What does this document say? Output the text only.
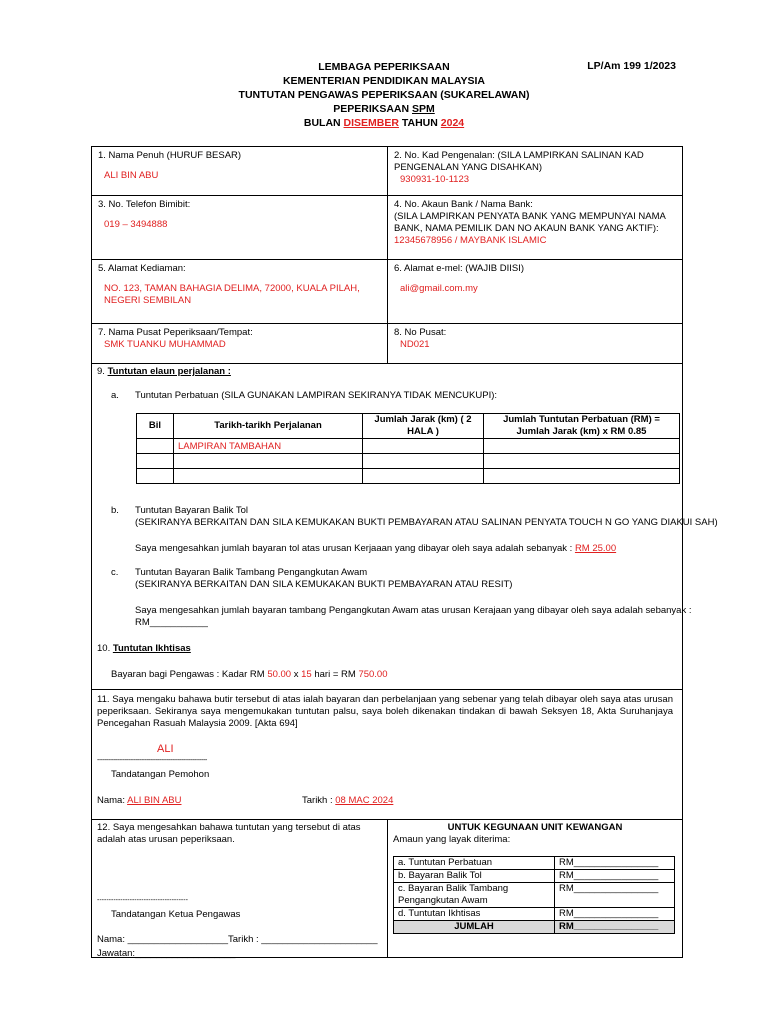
LEMBAGA PEPERIKSAAN
KEMENTERIAN PENDIDIKAN MALAYSIA
TUNTUTAN PENGAWAS PEPERIKSAAN (SUKARELAWAN)
PEPERIKSAAN SPM
BULAN DISEMBER TAHUN 2024
LP/Am 199 1/2023
1. Nama Penuh (HURUF BESAR)
ALI BIN ABU
2. No. Kad Pengenalan: (SILA LAMPIRKAN SALINAN KAD PENGENALAN YANG DISAHKAN)
930931-10-1123
3. No. Telefon Bimibit:
019 – 3494888
4. No. Akaun Bank / Nama Bank:
(SILA LAMPIRKAN PENYATA BANK YANG MEMPUNYAI NAMA BANK, NAMA PEMILIK DAN NO AKAUN BANK YANG AKTIF):
12345678956 / MAYBANK ISLAMIC
5. Alamat Kediaman:
NO. 123, TAMAN BAHAGIA DELIMA, 72000, KUALA PILAH, NEGERI SEMBILAN
6. Alamat e-mel: (WAJIB DIISI)
ali@gmail.com.my
7. Nama Pusat Peperiksaan/Tempat:
SMK TUANKU MUHAMMAD
8. No Pusat:
ND021
9. Tuntutan elaun perjalanan :
a. Tuntutan Perbatuan (SILA GUNAKAN LAMPIRAN SEKIRANYA TIDAK MENCUKUPI):
Bil	Tarikh-tarikh Perjalanan	Jumlah Jarak (km) ( 2 HALA )	Jumlah Tuntutan Perbatuan (RM) = Jumlah Jarak (km) x RM 0.85
	LAMPIRAN TAMBAHAN		

b. Tuntutan Bayaran Balik Tol
(SEKIRANYA BERKAITAN DAN SILA KEMUKAKAN BUKTI PEMBAYARAN ATAU SALINAN PENYATA TOUCH N GO YANG DIAKUI SAH)
Saya mengesahkan jumlah bayaran tol atas urusan Kerjaaan yang dibayar oleh saya adalah sebanyak : RM 25.00
c. Tuntutan Bayaran Balik Tambang Pengangkutan Awam
(SEKIRANYA BERKAITAN DAN SILA KEMUKAKAN BUKTI PEMBAYARAN ATAU RESIT)
Saya mengesahkan jumlah bayaran tambang Pengangkutan Awam atas urusan Kerajaan yang dibayar oleh saya adalah sebanyak :
RM___________
10. Tuntutan Ikhtisas
Bayaran bagi Pengawas : Kadar RM 50.00 x 15 hari = RM 750.00
11. Saya mengaku bahawa butir tersebut di atas ialah bayaran dan perbelanjaan yang sebenar yang telah dibayar oleh saya atas urusan peperiksaan. Sekiranya saya mengemukakan tuntutan palsu, saya boleh dikenakan tindakan di bawah Seksyen 18, Akta Suruhanjaya Pencegahan Rasuah Malaysia 2009. [Akta 694]
ALI
------------------------------------------------------------
Tandatangan Pemohon
Nama: ALI BIN ABU	Tarikh : 08 MAC 2024
12. Saya mengesahkan bahawa tuntutan yang tersebut di atas adalah atas urusan peperiksaan.
---------------------------------------
Tandatangan Ketua Pengawas
Nama: ___________________Tarikh : ______________________
Jawatan:___________________
UNTUK KEGUNAAN UNIT KEWANGAN
Amaun yang layak diterima:
a. Tuntutan Perbatuan	RM________________
b. Bayaran Balik Tol	RM________________
c. Bayaran Balik Tambang Pengangkutan Awam	RM________________
d. Tuntutan Ikhtisas	RM________________
JUMLAH	RM________________
